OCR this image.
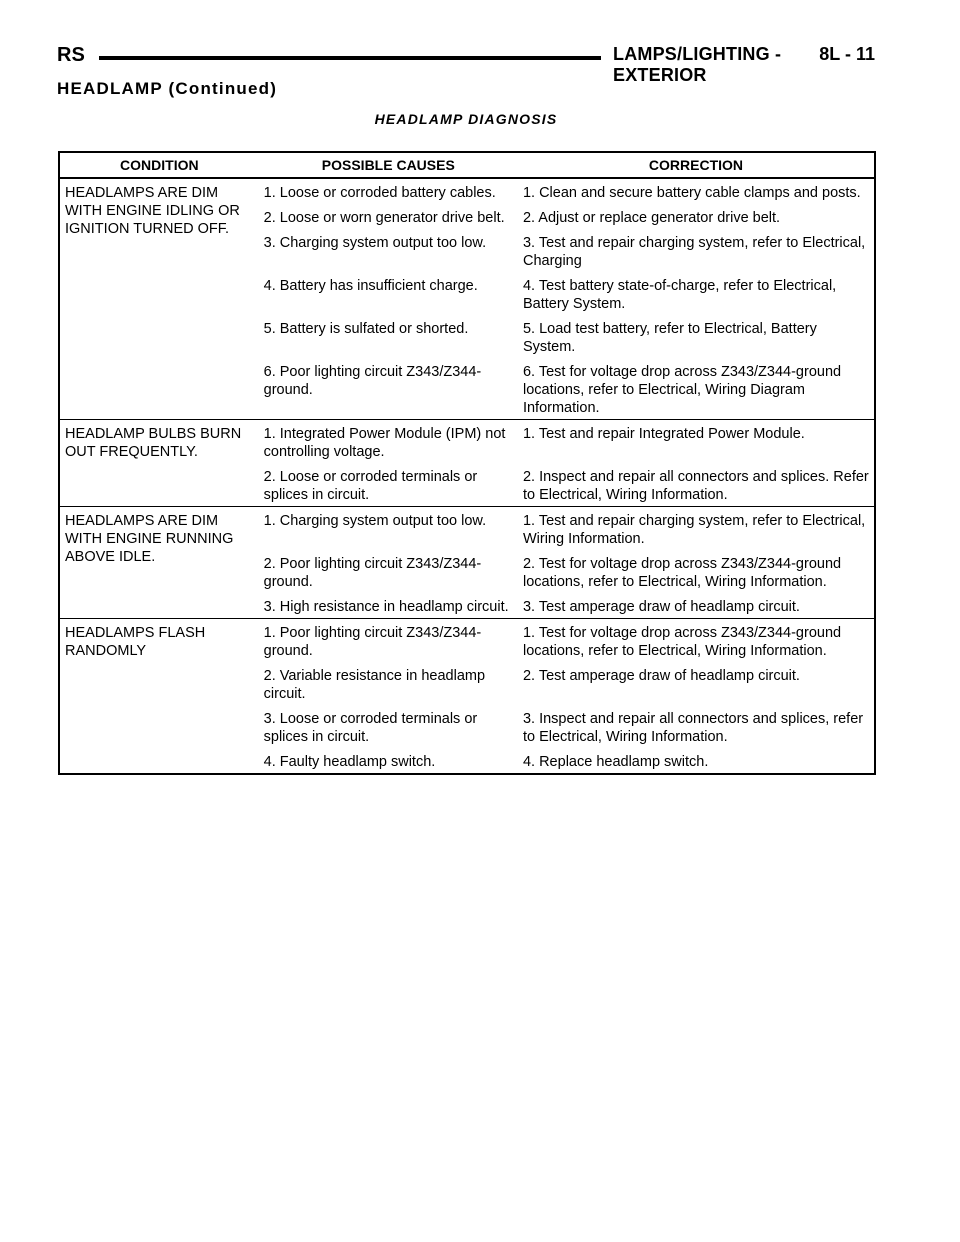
RS	LAMPS/LIGHTING - EXTERIOR
8L - 11
HEADLAMP (Continued)
HEADLAMP DIAGNOSIS
CONDITION	POSSIBLE CAUSES	CORRECTION
HEADLAMPS ARE DIM WITH ENGINE IDLING OR IGNITION TURNED OFF.	1. Loose or corroded battery cables.	1. Clean and secure battery cable clamps and posts.
	2. Loose or worn generator drive belt.	2. Adjust or replace generator drive belt.
	3. Charging system output too low.	3. Test and repair charging system, refer to Electrical, Charging
	4. Battery has insufficient charge.	4. Test battery state-of-charge, refer to Electrical, Battery System.
	5. Battery is sulfated or shorted.	5. Load test battery, refer to Electrical, Battery System.
	6. Poor lighting circuit Z343/Z344-ground.	6. Test for voltage drop across Z343/Z344-ground locations, refer to Electrical, Wiring Diagram Information.
HEADLAMP BULBS BURN OUT FREQUENTLY.	1. Integrated Power Module (IPM) not controlling voltage.	1. Test and repair Integrated Power Module.
	2. Loose or corroded terminals or splices in circuit.	2. Inspect and repair all connectors and splices. Refer to Electrical, Wiring Information.
HEADLAMPS ARE DIM WITH ENGINE RUNNING ABOVE IDLE.	1. Charging system output too low.	1. Test and repair charging system, refer to Electrical, Wiring Information.
	2. Poor lighting circuit Z343/Z344-ground.	2. Test for voltage drop across Z343/Z344-ground locations, refer to Electrical, Wiring Information.
	3. High resistance in headlamp circuit.	3. Test amperage draw of headlamp circuit.
HEADLAMPS FLASH RANDOMLY	1. Poor lighting circuit Z343/Z344-ground.	1. Test for voltage drop across Z343/Z344-ground locations, refer to Electrical, Wiring Information.
	2. Variable resistance in headlamp circuit.	2. Test amperage draw of headlamp circuit.
	3. Loose or corroded terminals or splices in circuit.	3. Inspect and repair all connectors and splices, refer to Electrical, Wiring Information.
	4. Faulty headlamp switch.	4. Replace headlamp switch.
